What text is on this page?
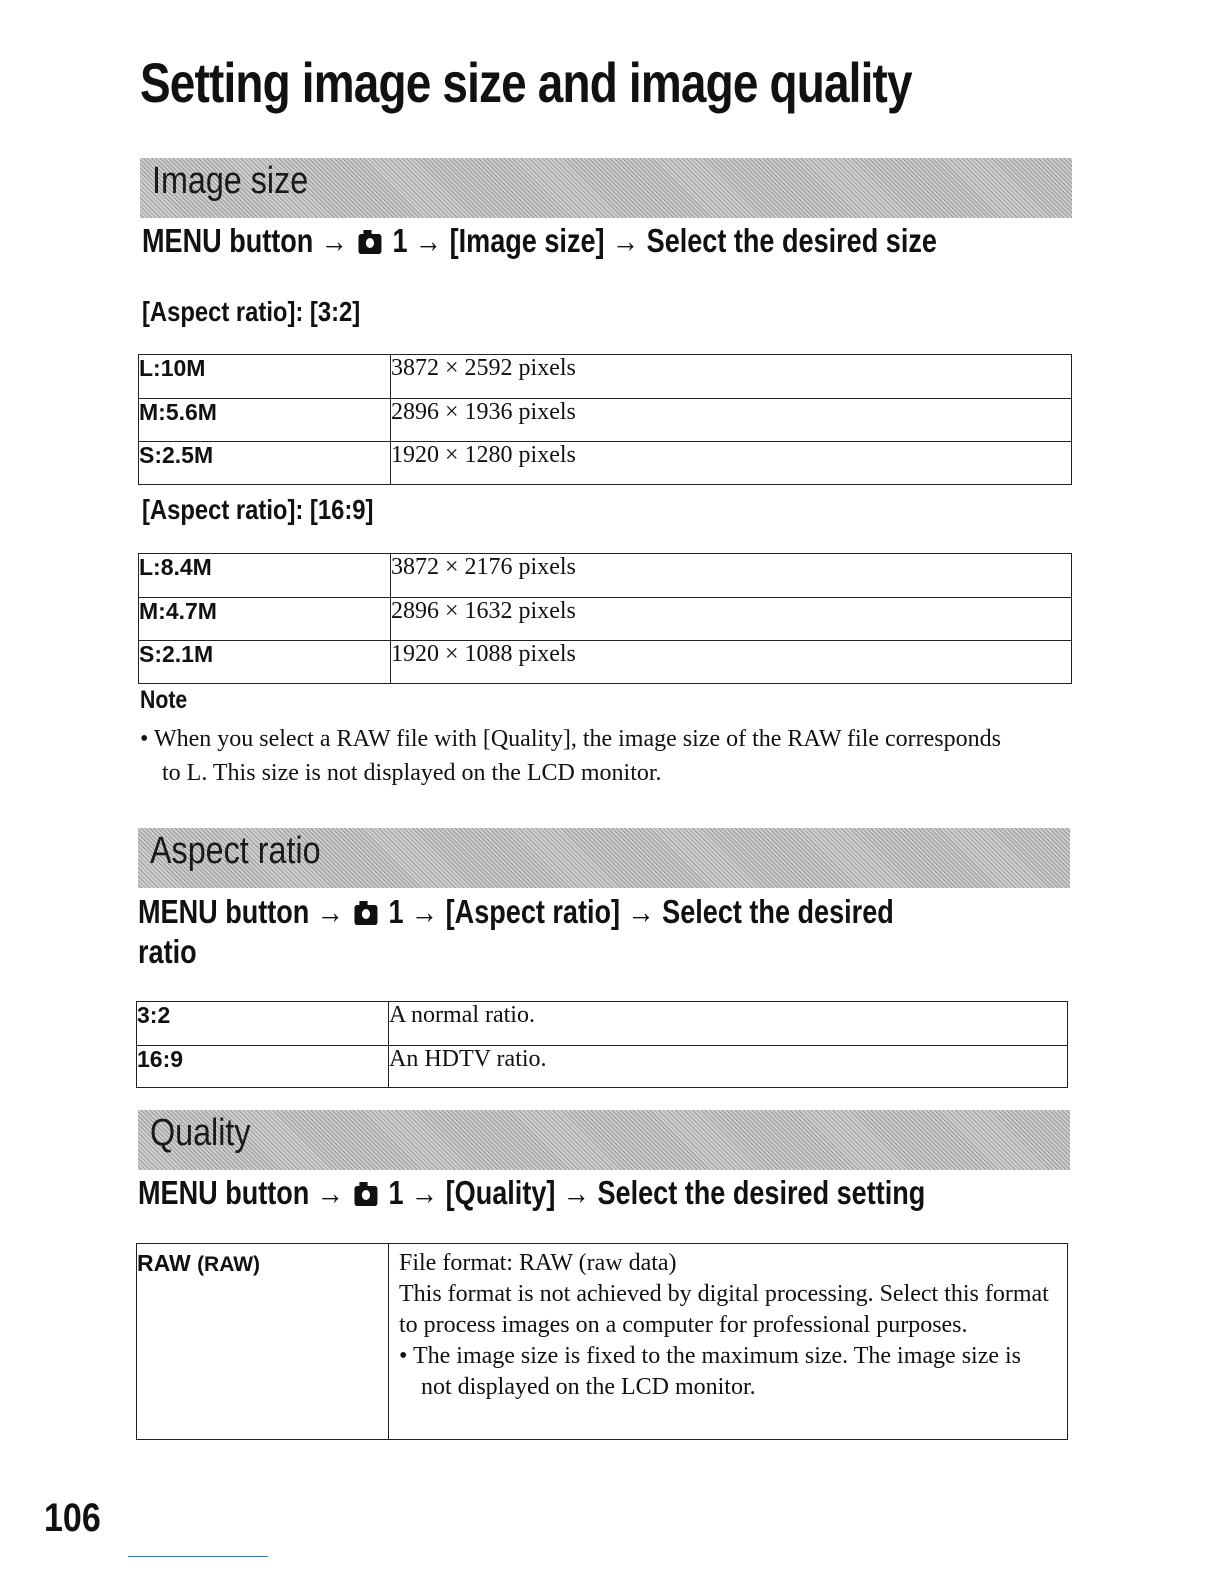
Setting image size and image quality
Image size
MENU button → 1 → [Image size] → Select the desired size
[Aspect ratio]: [3:2]
L:10M	3872 × 2592 pixels
M:5.6M	2896 × 1936 pixels
S:2.5M	1920 × 1280 pixels
[Aspect ratio]: [16:9]
L:8.4M	3872 × 2176 pixels
M:4.7M	2896 × 1632 pixels
S:2.1M	1920 × 1088 pixels
Note
• When you select a RAW file with [Quality], the image size of the RAW file corresponds to L. This size is not displayed on the LCD monitor.
Aspect ratio
MENU button → 1 → [Aspect ratio] → Select the desired
ratio
3:2	A normal ratio.
16:9	An HDTV ratio.
Quality
MENU button → 1 → [Quality] → Select the desired setting
RAW (RAW)	File format: RAW (raw data)
This format is not achieved by digital processing. Select this format to process images on a computer for professional purposes.
• The image size is fixed to the maximum size. The image size is not displayed on the LCD monitor.
106
